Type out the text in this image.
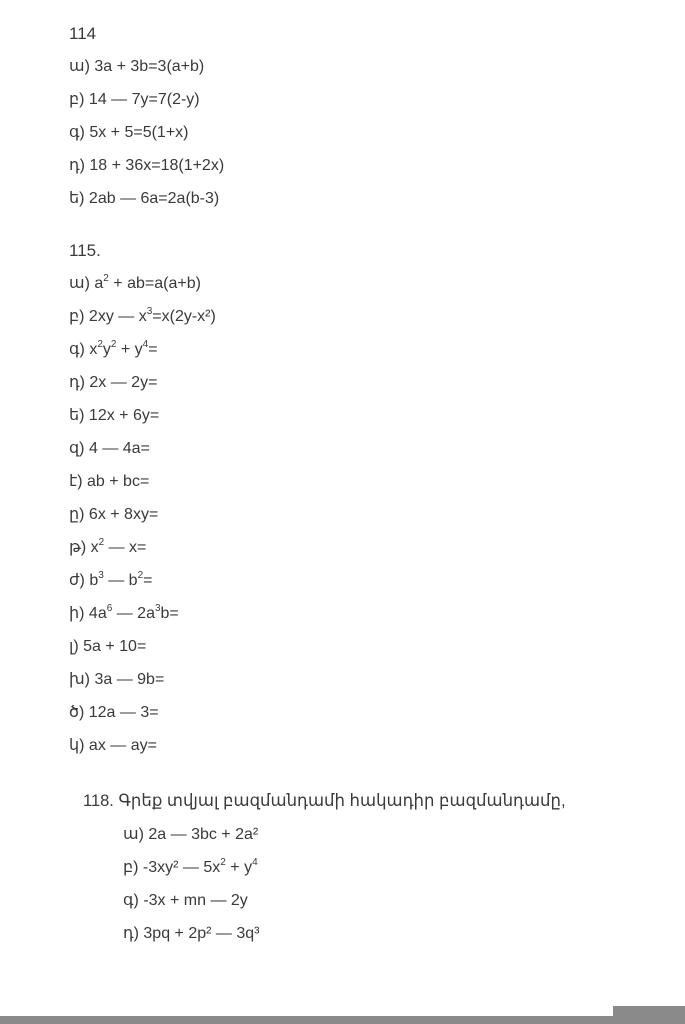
114
ա) 3a + 3b=3(a+b)
բ) 14 — 7y=7(2-y)
գ) 5x + 5=5(1+x)
դ) 18 + 36x=18(1+2x)
ե) 2ab — 6a=2a(b-3)
115.
ա) $a^2 + ab=a(a+b)$
բ) 2xy — $x^3=x(2y-x^2)$
գ) $x^2y^2 + y^4=$
դ) 2x — 2y=
ե) 12x + 6y=
զ) 4 — 4a=
է) ab + bc=
ը) 6x + 8xy=
թ) $x^2$ — x=
ժ) $b^3$ — $b^2=$
ի) $4a^6$ — $2a^3b=$
լ) 5a + 10=
խ) 3a — 9b=
ծ) 12a — 3=
կ) ax — ay=
118. Գրեք տվյալ բազմանդամի հակադիր բազմանդամը,
ա) 2a — 3bc + 2a²
բ) -3xy² — $5x^2 + y^4$
գ) -3x + mn — 2y
դ) 3pq + 2p² — 3q³
